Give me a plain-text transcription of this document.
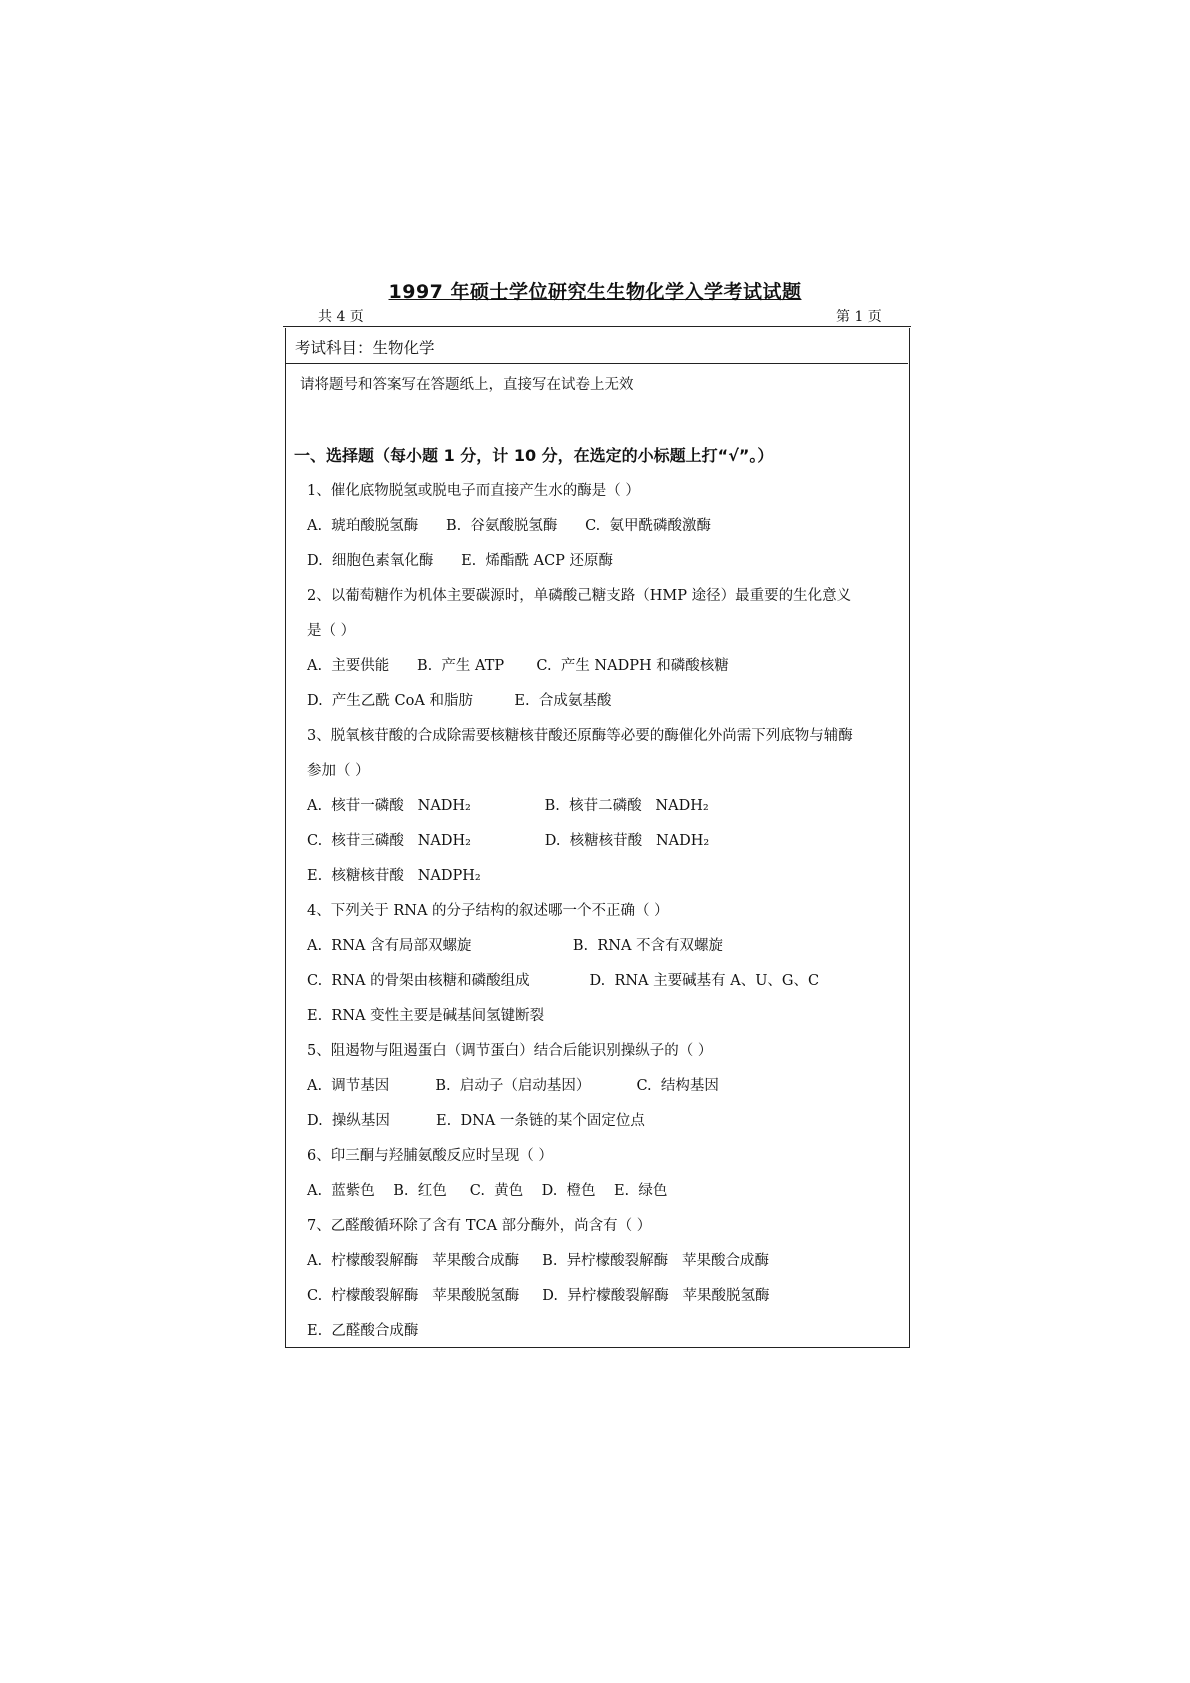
1997 年硕士学位研究生生物化学入学考试试题
共 4 页	第 1 页
考试科目：生物化学
请将题号和答案写在答题纸上，直接写在试卷上无效
一、选择题（每小题 1 分，计 10 分，在选定的小标题上打“√”。）
1、催化底物脱氢或脱电子而直接产生水的酶是（ ）
A.  琥珀酸脱氢酶      B.  谷氨酸脱氢酶      C.  氨甲酰磷酸激酶
D.  细胞色素氧化酶      E.  烯酯酰 ACP 还原酶
2、以葡萄糖作为机体主要碳源时，单磷酸己糖支路（HMP 途径）最重要的生化意义
是（ ）
A.  主要供能      B.  产生 ATP       C.  产生 NADPH 和磷酸核糖
D.  产生乙酰 CoA 和脂肪         E.  合成氨基酸
3、脱氧核苷酸的合成除需要核糖核苷酸还原酶等必要的酶催化外尚需下列底物与辅酶
参加（ ）
A.  核苷一磷酸   NADH₂                B.  核苷二磷酸   NADH₂
C.  核苷三磷酸   NADH₂                D.  核糖核苷酸   NADH₂
E.  核糖核苷酸   NADPH₂
4、下列关于 RNA 的分子结构的叙述哪一个不正确（ ）
A.  RNA 含有局部双螺旋                      B.  RNA 不含有双螺旋
C.  RNA 的骨架由核糖和磷酸组成             D.  RNA 主要碱基有 A、U、G、C
E.  RNA 变性主要是碱基间氢键断裂
5、阻遏物与阻遏蛋白（调节蛋白）结合后能识别操纵子的（ ）
A.  调节基因          B.  启动子（启动基因）          C.  结构基因
D.  操纵基因          E.  DNA 一条链的某个固定位点
6、印三酮与羟脯氨酸反应时呈现（ ）
A.  蓝紫色    B.  红色     C.  黄色    D.  橙色    E.  绿色
7、乙醛酸循环除了含有 TCA 部分酶外，尚含有（ ）
A.  柠檬酸裂解酶   苹果酸合成酶     B.  异柠檬酸裂解酶   苹果酸合成酶
C.  柠檬酸裂解酶   苹果酸脱氢酶     D.  异柠檬酸裂解酶   苹果酸脱氢酶
E.  乙醛酸合成酶
